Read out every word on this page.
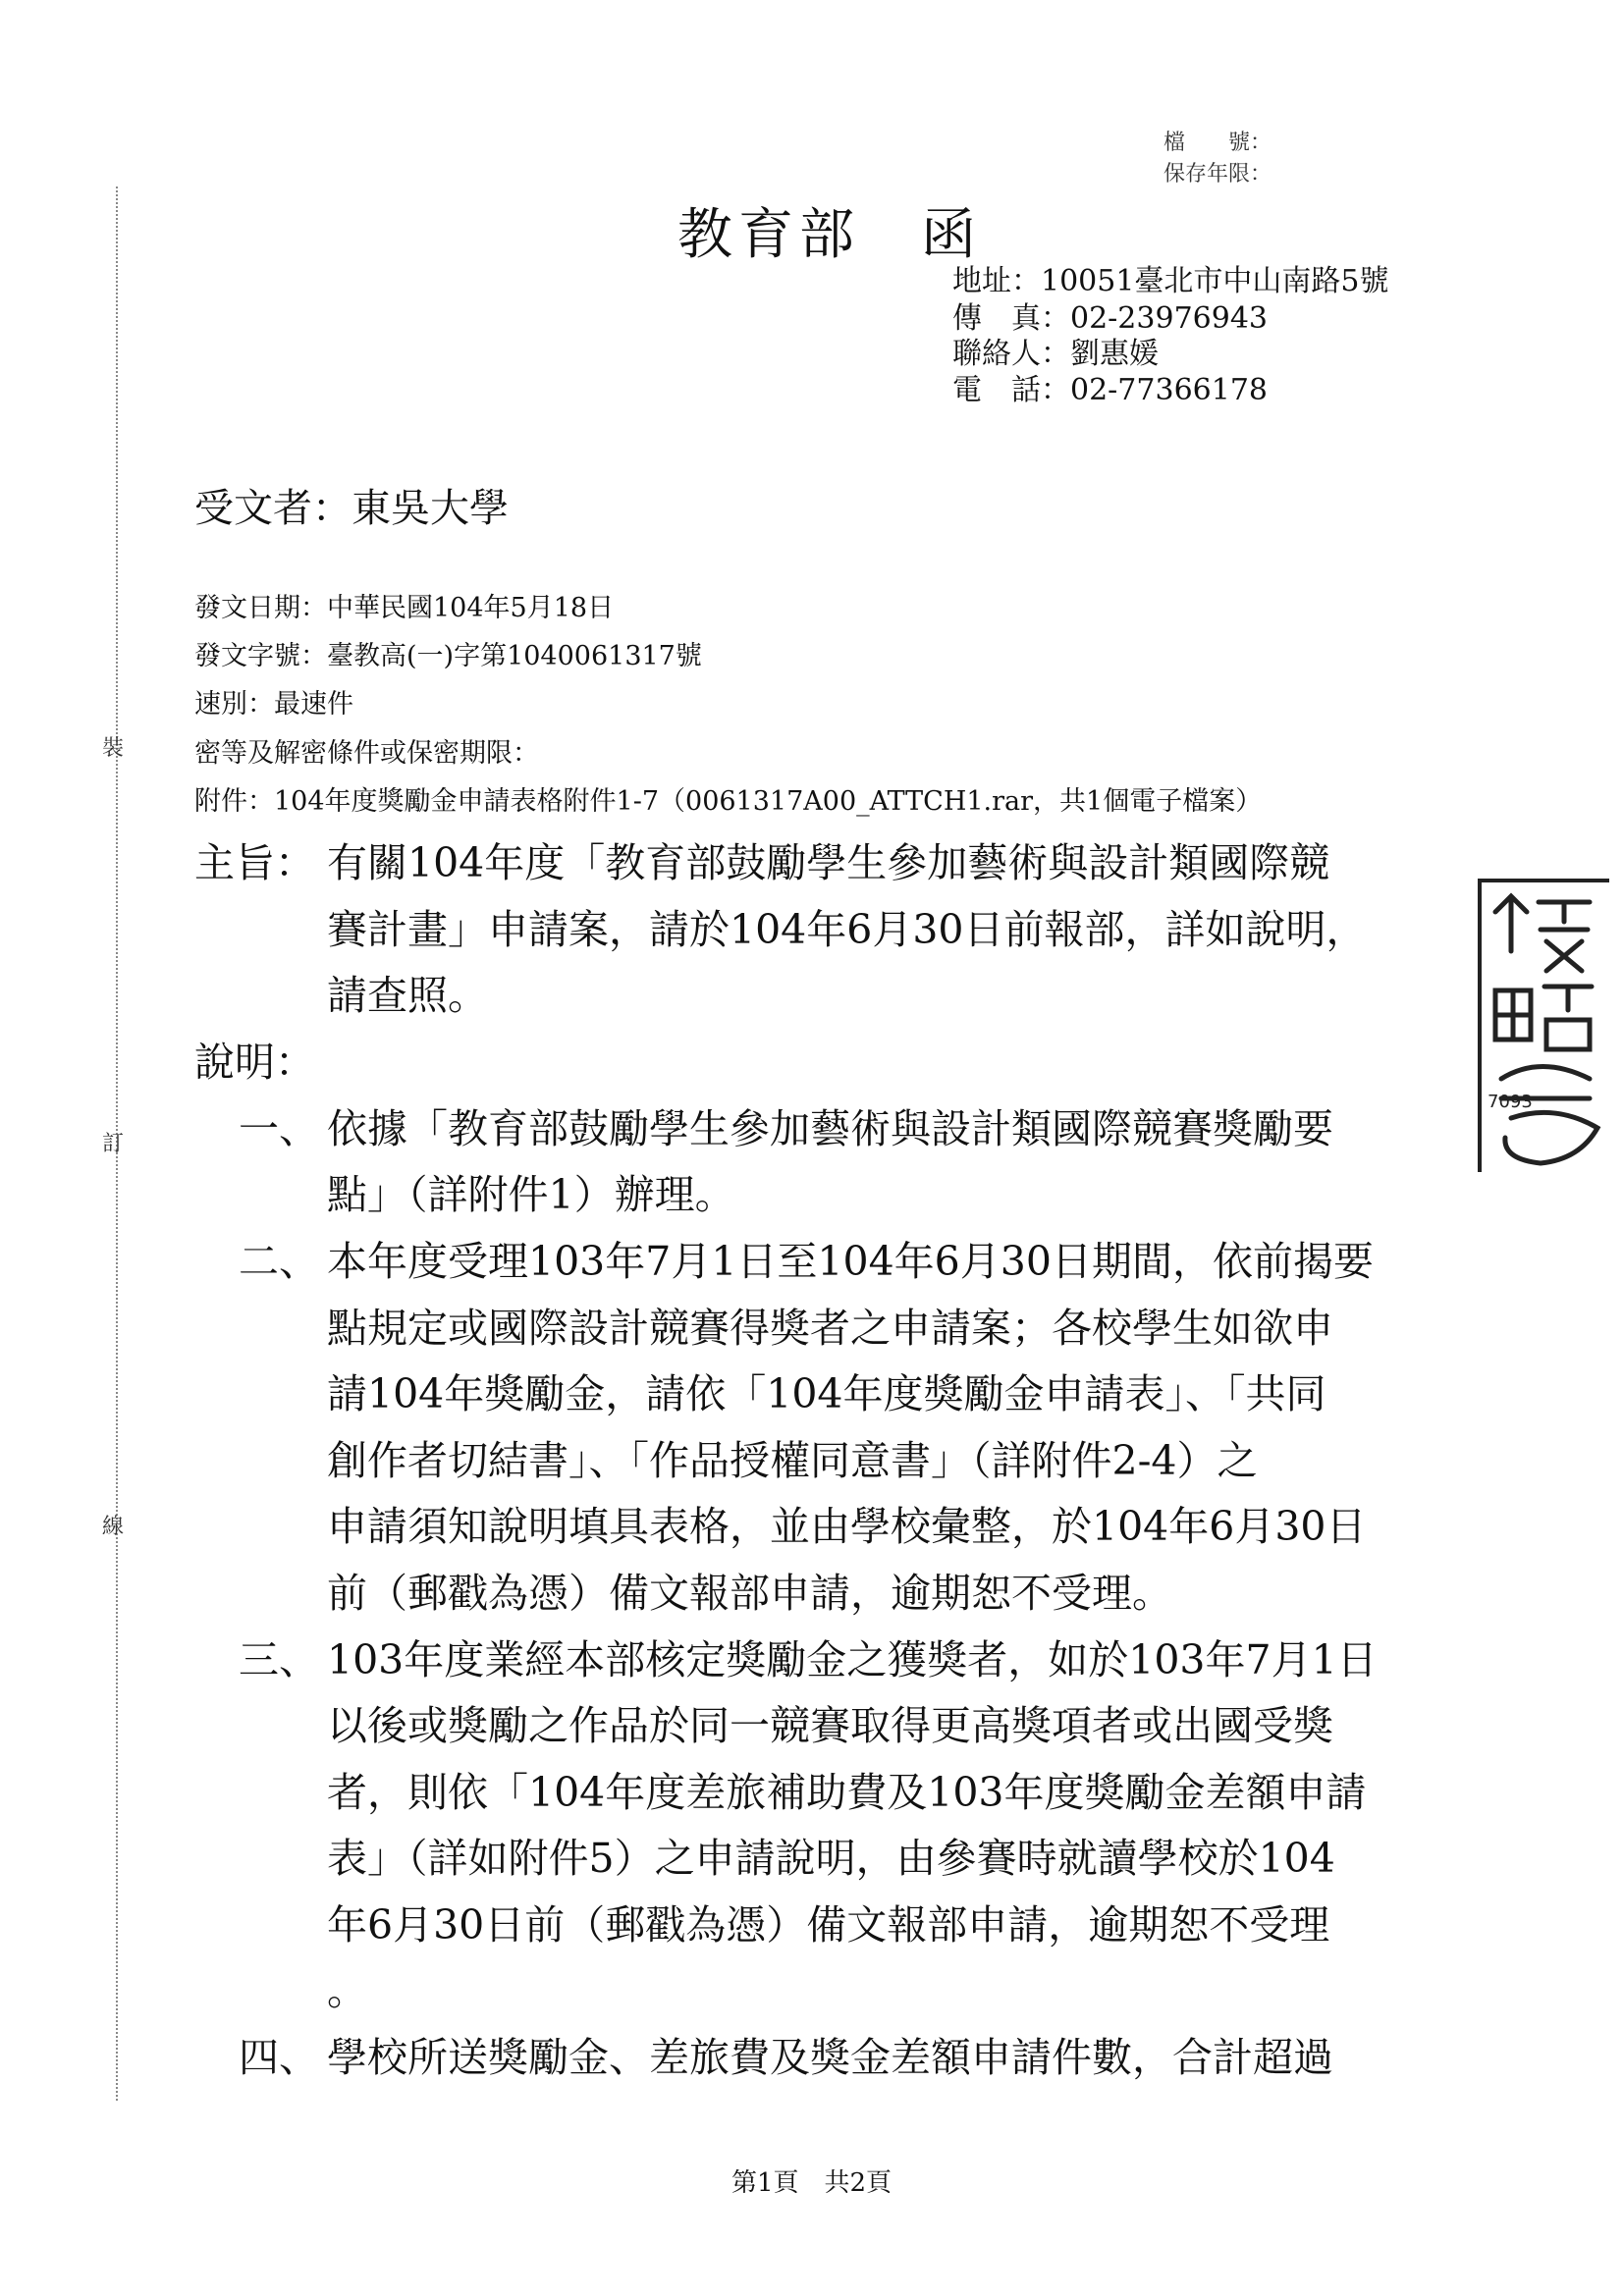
裝
訂
線
檔　　號：
保存年限：
教育部　函
地址：10051臺北市中山南路5號
傳　真：02-23976943
聯絡人：劉惠媛
電　話：02-77366178
受文者：東吳大學
發文日期：中華民國104年5月18日
發文字號：臺教高(一)字第1040061317號
速別：最速件
密等及解密條件或保密期限：
附件：104年度獎勵金申請表格附件1-7（0061317A00_ATTCH1.rar，共1個電子檔案）
主旨： 有關104年度「教育部鼓勵學生參加藝術與設計類國際競
賽計畫」申請案，請於104年6月30日前報部，詳如說明，
請查照。
說明：
一、 依據「教育部鼓勵學生參加藝術與設計類國際競賽獎勵要
點」（詳附件1）辦理。
二、 本年度受理103年7月1日至104年6月30日期間，依前揭要
點規定或國際設計競賽得獎者之申請案；各校學生如欲申
請104年獎勵金，請依「104年度獎勵金申請表」、「共同
創作者切結書」、「作品授權同意書」（詳附件2-4）之
申請須知說明填具表格，並由學校彙整，於104年6月30日
前（郵戳為憑）備文報部申請，逾期恕不受理。
三、 103年度業經本部核定獎勵金之獲獎者，如於103年7月1日
以後或獎勵之作品於同一競賽取得更高獎項者或出國受獎
者，則依「104年度差旅補助費及103年度獎勵金差額申請
表」（詳如附件5）之申請說明，由參賽時就讀學校於104
年6月30日前（郵戳為憑）備文報部申請，逾期恕不受理
。
四、 學校所送獎勵金、差旅費及獎金差額申請件數，合計超過
7093
第1頁　共2頁
